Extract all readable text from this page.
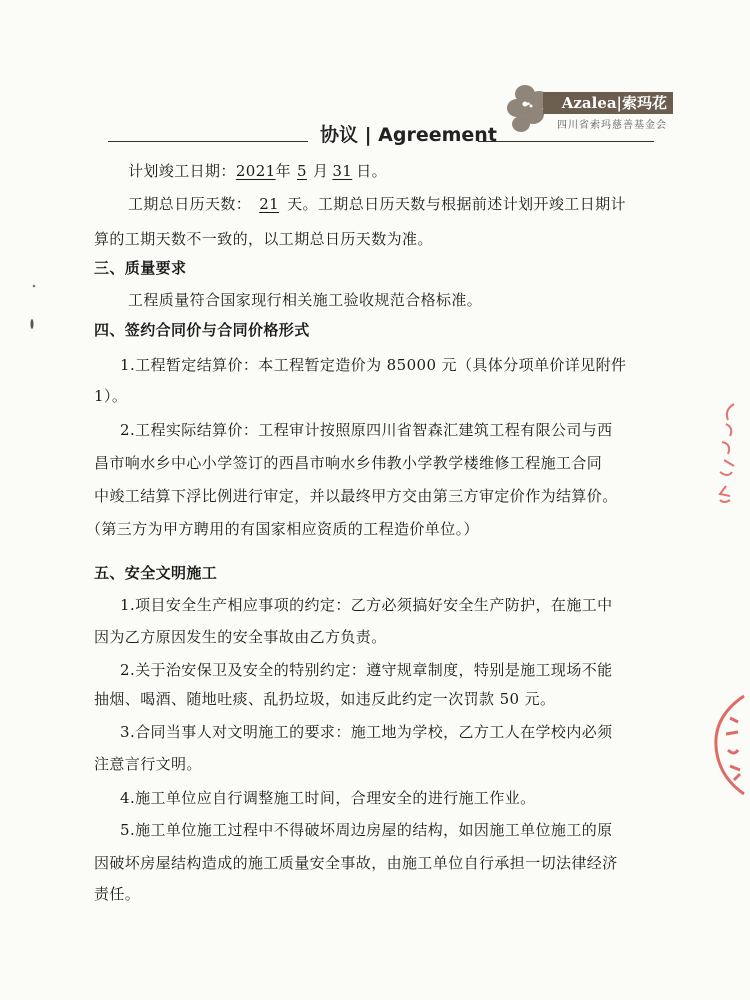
协议 | Agreement
Azalea|索玛花
四川省索玛慈善基金会
计划竣工日期：2021年 5 月 31 日。
工期总日历天数： 21 天。工期总日历天数与根据前述计划开竣工日期计
算的工期天数不一致的，以工期总日历天数为准。
三、质量要求
工程质量符合国家现行相关施工验收规范合格标准。
四、签约合同价与合同价格形式
1.工程暂定结算价：本工程暂定造价为 85000 元（具体分项单价详见附件
1）。
2.工程实际结算价：工程审计按照原四川省智森汇建筑工程有限公司与西
昌市响水乡中心小学签订的西昌市响水乡伟教小学教学楼维修工程施工合同
中竣工结算下浮比例进行审定，并以最终甲方交由第三方审定价作为结算价。
（第三方为甲方聘用的有国家相应资质的工程造价单位。）
五、安全文明施工
1.项目安全生产相应事项的约定：乙方必须搞好安全生产防护，在施工中
因为乙方原因发生的安全事故由乙方负责。
2.关于治安保卫及安全的特别约定：遵守规章制度，特别是施工现场不能
抽烟、喝酒、随地吐痰、乱扔垃圾，如违反此约定一次罚款 50 元。
3.合同当事人对文明施工的要求：施工地为学校，乙方工人在学校内必须
注意言行文明。
4.施工单位应自行调整施工时间，合理安全的进行施工作业。
5.施工单位施工过程中不得破坏周边房屋的结构，如因施工单位施工的原
因破坏房屋结构造成的施工质量安全事故，由施工单位自行承担一切法律经济
责任。
